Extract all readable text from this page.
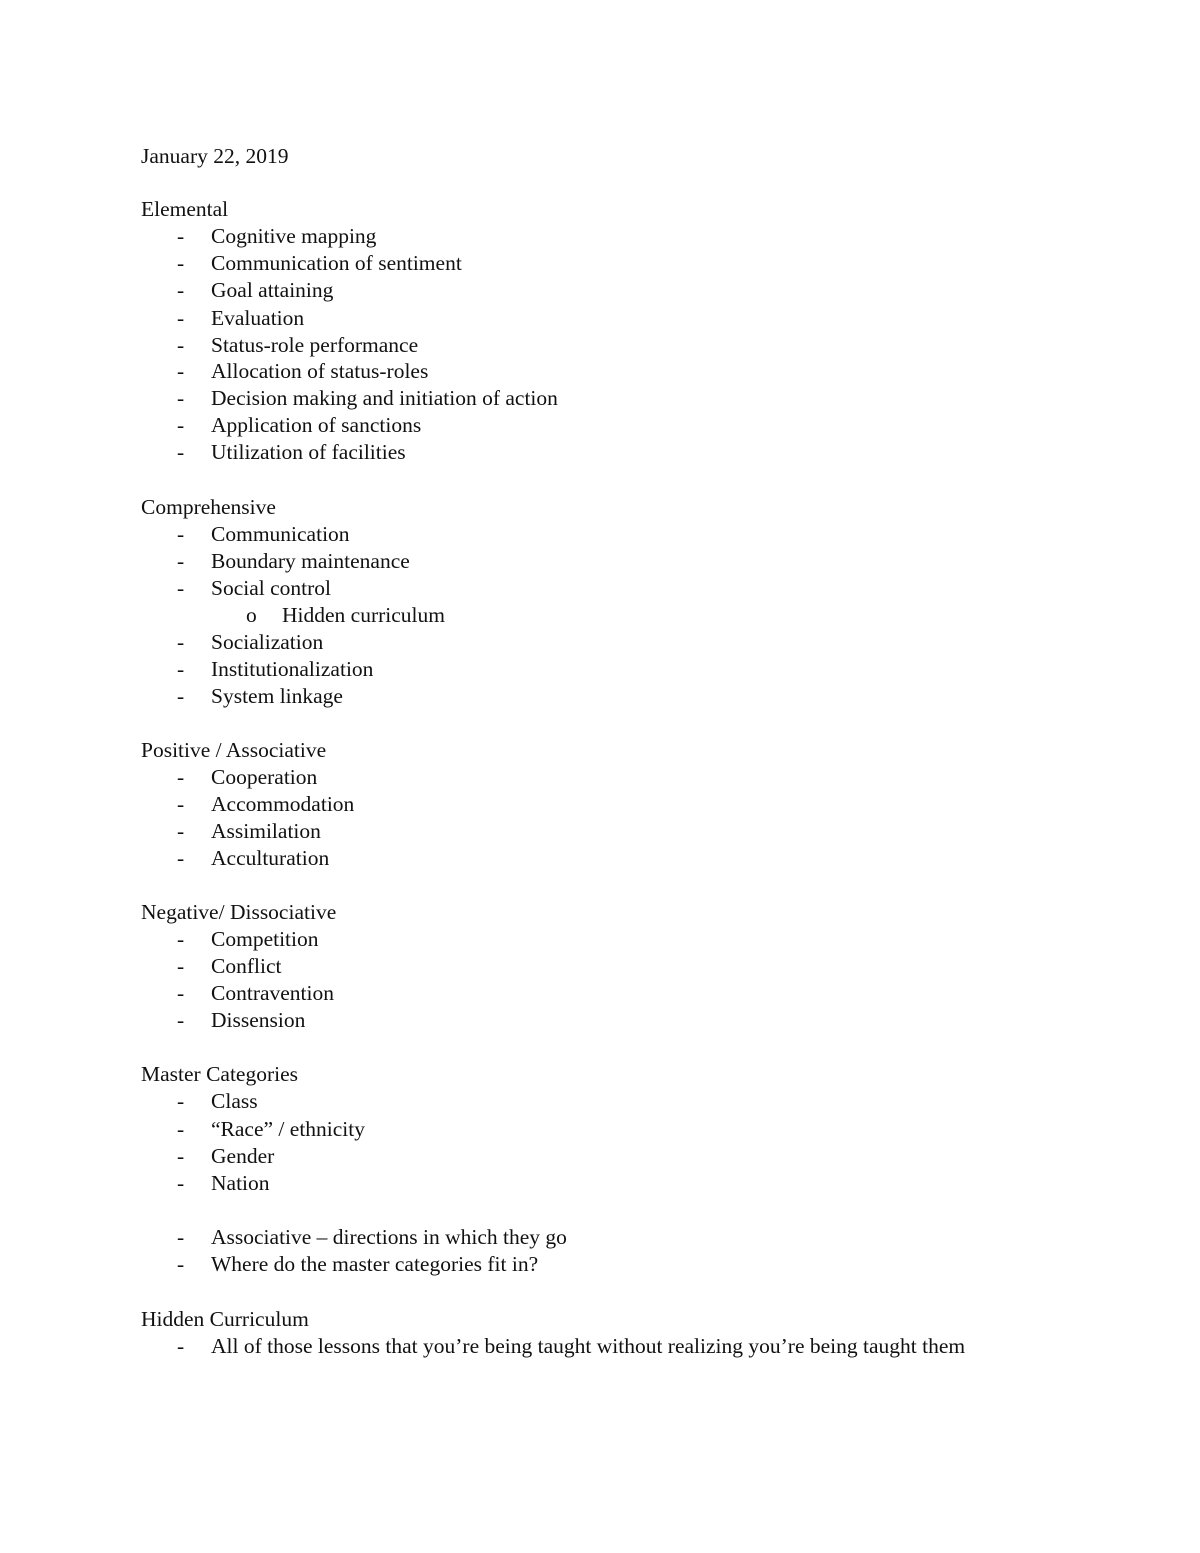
January 22, 2019
Elemental
-	Cognitive mapping
-	Communication of sentiment
-	Goal attaining
-	Evaluation
-	Status-role performance
-	Allocation of status-roles
-	Decision making and initiation of action
-	Application of sanctions
-	Utilization of facilities
Comprehensive
-	Communication
-	Boundary maintenance
-	Social control
o	Hidden curriculum
-	Socialization
-	Institutionalization
-	System linkage
Positive / Associative
-	Cooperation
-	Accommodation
-	Assimilation
-	Acculturation
Negative/ Dissociative
-	Competition
-	Conflict
-	Contravention
-	Dissension
Master Categories
-	Class
-	“Race” / ethnicity
-	Gender
-	Nation
-	Associative – directions in which they go
-	Where do the master categories fit in?
Hidden Curriculum
-	All of those lessons that you’re being taught without realizing you’re being taught them
